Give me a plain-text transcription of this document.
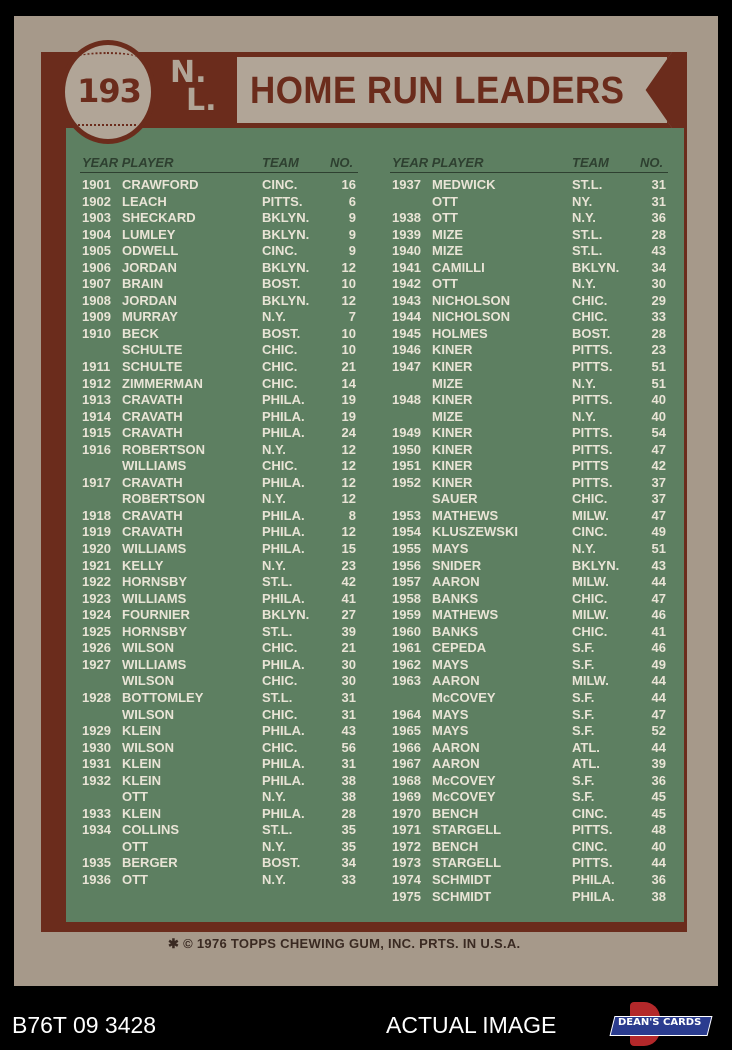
HOME RUN LEADERS
193 N.
L.
YEAR PLAYER	TEAM NO.	YEAR PLAYER	TEAM NO.
1901 CRAWFORD	CINC.	16
1902 LEACH	PITTS.	6
1903 SHECKARD	BKLYN.	9
1904 LUMLEY	BKLYN.	9
1905 ODWELL	CINC.	9
1906 JORDAN	BKLYN. 12
1907 BRAIN	BOST.	10
1908 JORDAN	BKLYN. 12
1909 MURRAY	N.Y.	7
1910 BECK	BOST.	10
SCHULTE	CHIC.	10
1911 SCHULTE	CHIC.	21
1912 ZIMMERMAN	CHIC.	14
1913 CRAVATH	PHILA.	19
1914 CRAVATH	PHILA.	19
1915 CRAVATH	PHILA.	24
1916 ROBERTSON	N.Y.	12
WILLIAMS	CHIC.	12
1917 CRAVATH	PHILA.	12
ROBERTSON	N.Y.	12
1918 CRAVATH	PHILA.	8
1919 CRAVATH	PHILA.	12
1920 WILLIAMS	PHILA.	15
1921 KELLY	N.Y.	23
1922 HORNSBY	ST.L.	42
1923 WILLIAMS	PHILA.	41
1924 FOURNIER	BKLYN. 27
1925 HORNSBY	ST.L.	39
1926 WILSON	CHIC.	21
1927 WILLIAMS	PHILA.	30
WILSON	CHIC.	30
1928 BOTTOMLEY	ST.L.	31
WILSON	CHIC.	31
1929 KLEIN	PHILA.	43
1930 WILSON	CHIC.	56
1931 KLEIN	PHILA.	31
1932 KLEIN	PHILA.	38
OTT	N.Y.	38
1933 KLEIN	PHILA.	28
1934 COLLINS	ST.L.	35
OTT	N.Y.	35
1935 BERGER	BOST.	34
1936 OTT	N.Y.	33
1937 MEDWICK	ST.L.	31
OTT	NY.	31
1938 OTT	N.Y.	36
1939 MIZE	ST.L.	28
1940 MIZE	ST.L.	43
1941 CAMILLI	BKLYN. 34
1942 OTT	N.Y.	30
1943 NICHOLSON	CHIC.	29
1944 NICHOLSON	CHIC.	33
1945 HOLMES	BOST.	28
1946 KINER	PITTS.	23
1947 KINER	PITTS.	51
MIZE	N.Y.	51
1948 KINER	PITTS.	40
MIZE	N.Y.	40
1949 KINER	PITTS.	54
1950 KINER	PITTS.	47
1951 KINER	PITTS	42
1952 KINER	PITTS.	37
SAUER	CHIC.	37
1953 MATHEWS	MILW.	47
1954 KLUSZEWSKI	CINC.	49
1955 MAYS	N.Y.	51
1956 SNIDER	BKLYN. 43
1957 AARON	MILW.	44
1958 BANKS	CHIC.	47
1959 MATHEWS	MILW.	46
1960 BANKS	CHIC.	41
1961 CEPEDA	S.F.	46
1962 MAYS	S.F.	49
1963 AARON	MILW.	44
McCOVEY	S.F.	44
1964 MAYS	S.F.	47
1965 MAYS	S.F.	52
1966 AARON	ATL.	44
1967 AARON	ATL.	39
1968 McCOVEY	S.F.	36
1969 McCOVEY	S.F.	45
1970 BENCH	CINC.	45
1971 STARGELL	PITTS.	48
1972 BENCH	CINC.	40
1973 STARGELL	PITTS.	44
1974 SCHMIDT	PHILA.	36
1975 SCHMIDT	PHILA.	38
✱ © 1976 TOPPS CHEWING GUM, INC. PRTS. IN U.S.A.
B76T 09 3428	ACTUAL IMAGE	DEAN'S CARDS
